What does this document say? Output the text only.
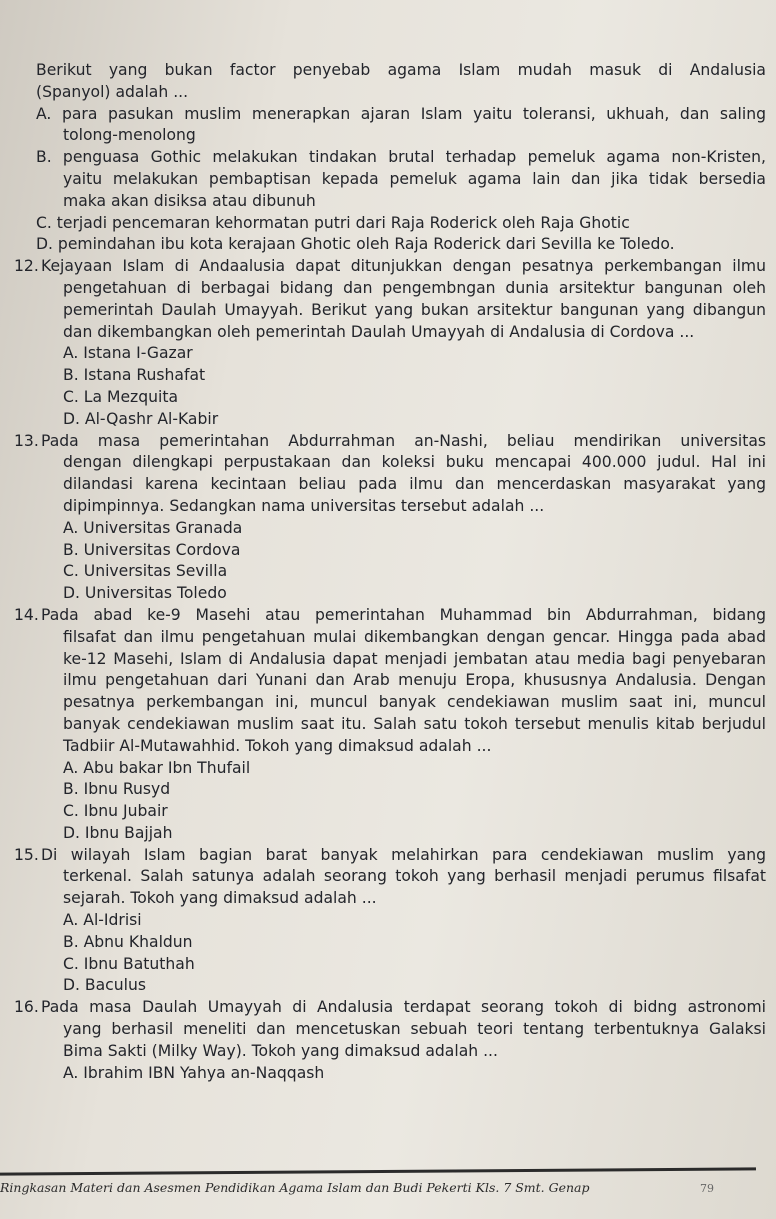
Berikut yang bukan factor penyebab agama Islam mudah masuk di Andalusia
(Spanyol) adalah ...
A. para pasukan muslim menerapkan ajaran Islam yaitu toleransi, ukhuah, dan saling
tolong-menolong
B. penguasa Gothic melakukan tindakan brutal terhadap pemeluk agama non-Kristen,
yaitu melakukan pembaptisan kepada pemeluk agama lain dan jika tidak bersedia
maka akan disiksa atau dibunuh
C. terjadi pencemaran kehormatan putri dari Raja Roderick oleh Raja Ghotic
D. pemindahan ibu kota kerajaan Ghotic oleh Raja Roderick dari Sevilla ke Toledo.
12. Kejayaan Islam di Andaalusia dapat ditunjukkan dengan pesatnya perkembangan ilmu
pengetahuan di berbagai bidang dan pengembngan dunia arsitektur bangunan oleh
pemerintah Daulah Umayyah. Berikut yang bukan arsitektur bangunan yang dibangun
dan dikembangkan oleh pemerintah Daulah Umayyah di Andalusia di Cordova ...
A. Istana I-Gazar
B. Istana Rushafat
C. La Mezquita
D. Al-Qashr Al-Kabir
13. Pada masa pemerintahan Abdurrahman an-Nashi, beliau mendirikan universitas
dengan dilengkapi perpustakaan dan koleksi buku mencapai 400.000 judul. Hal ini
dilandasi karena kecintaan beliau pada ilmu dan mencerdaskan masyarakat yang
dipimpinnya. Sedangkan nama universitas tersebut adalah ...
A. Universitas Granada
B. Universitas Cordova
C. Universitas Sevilla
D. Universitas Toledo
14. Pada abad ke-9 Masehi atau pemerintahan Muhammad bin Abdurrahman, bidang
filsafat dan ilmu pengetahuan mulai dikembangkan dengan gencar. Hingga pada abad
ke-12 Masehi, Islam di Andalusia dapat menjadi jembatan atau media bagi penyebaran
ilmu pengetahuan dari Yunani dan Arab menuju Eropa, khususnya Andalusia. Dengan
pesatnya perkembangan ini, muncul banyak cendekiawan muslim saat ini, muncul
banyak cendekiawan muslim saat itu. Salah satu tokoh tersebut menulis kitab berjudul
Tadbiir Al-Mutawahhid. Tokoh yang dimaksud adalah ...
A. Abu bakar Ibn Thufail
B. Ibnu Rusyd
C. Ibnu Jubair
D. Ibnu Bajjah
15. Di wilayah Islam bagian barat banyak melahirkan para cendekiawan muslim yang
terkenal. Salah satunya adalah seorang tokoh yang berhasil menjadi perumus filsafat
sejarah. Tokoh yang dimaksud adalah ...
A. Al-Idrisi
B. Abnu Khaldun
C. Ibnu Batuthah
D. Baculus
16. Pada masa Daulah Umayyah di Andalusia terdapat seorang tokoh di bidng astronomi
yang berhasil meneliti dan mencetuskan sebuah teori tentang terbentuknya Galaksi
Bima Sakti (Milky Way). Tokoh yang dimaksud adalah ...
A. Ibrahim IBN Yahya an-Naqqash
Ringkasan Materi dan Asesmen Pendidikan Agama Islam dan Budi Pekerti Kls. 7 Smt. Genap	79
